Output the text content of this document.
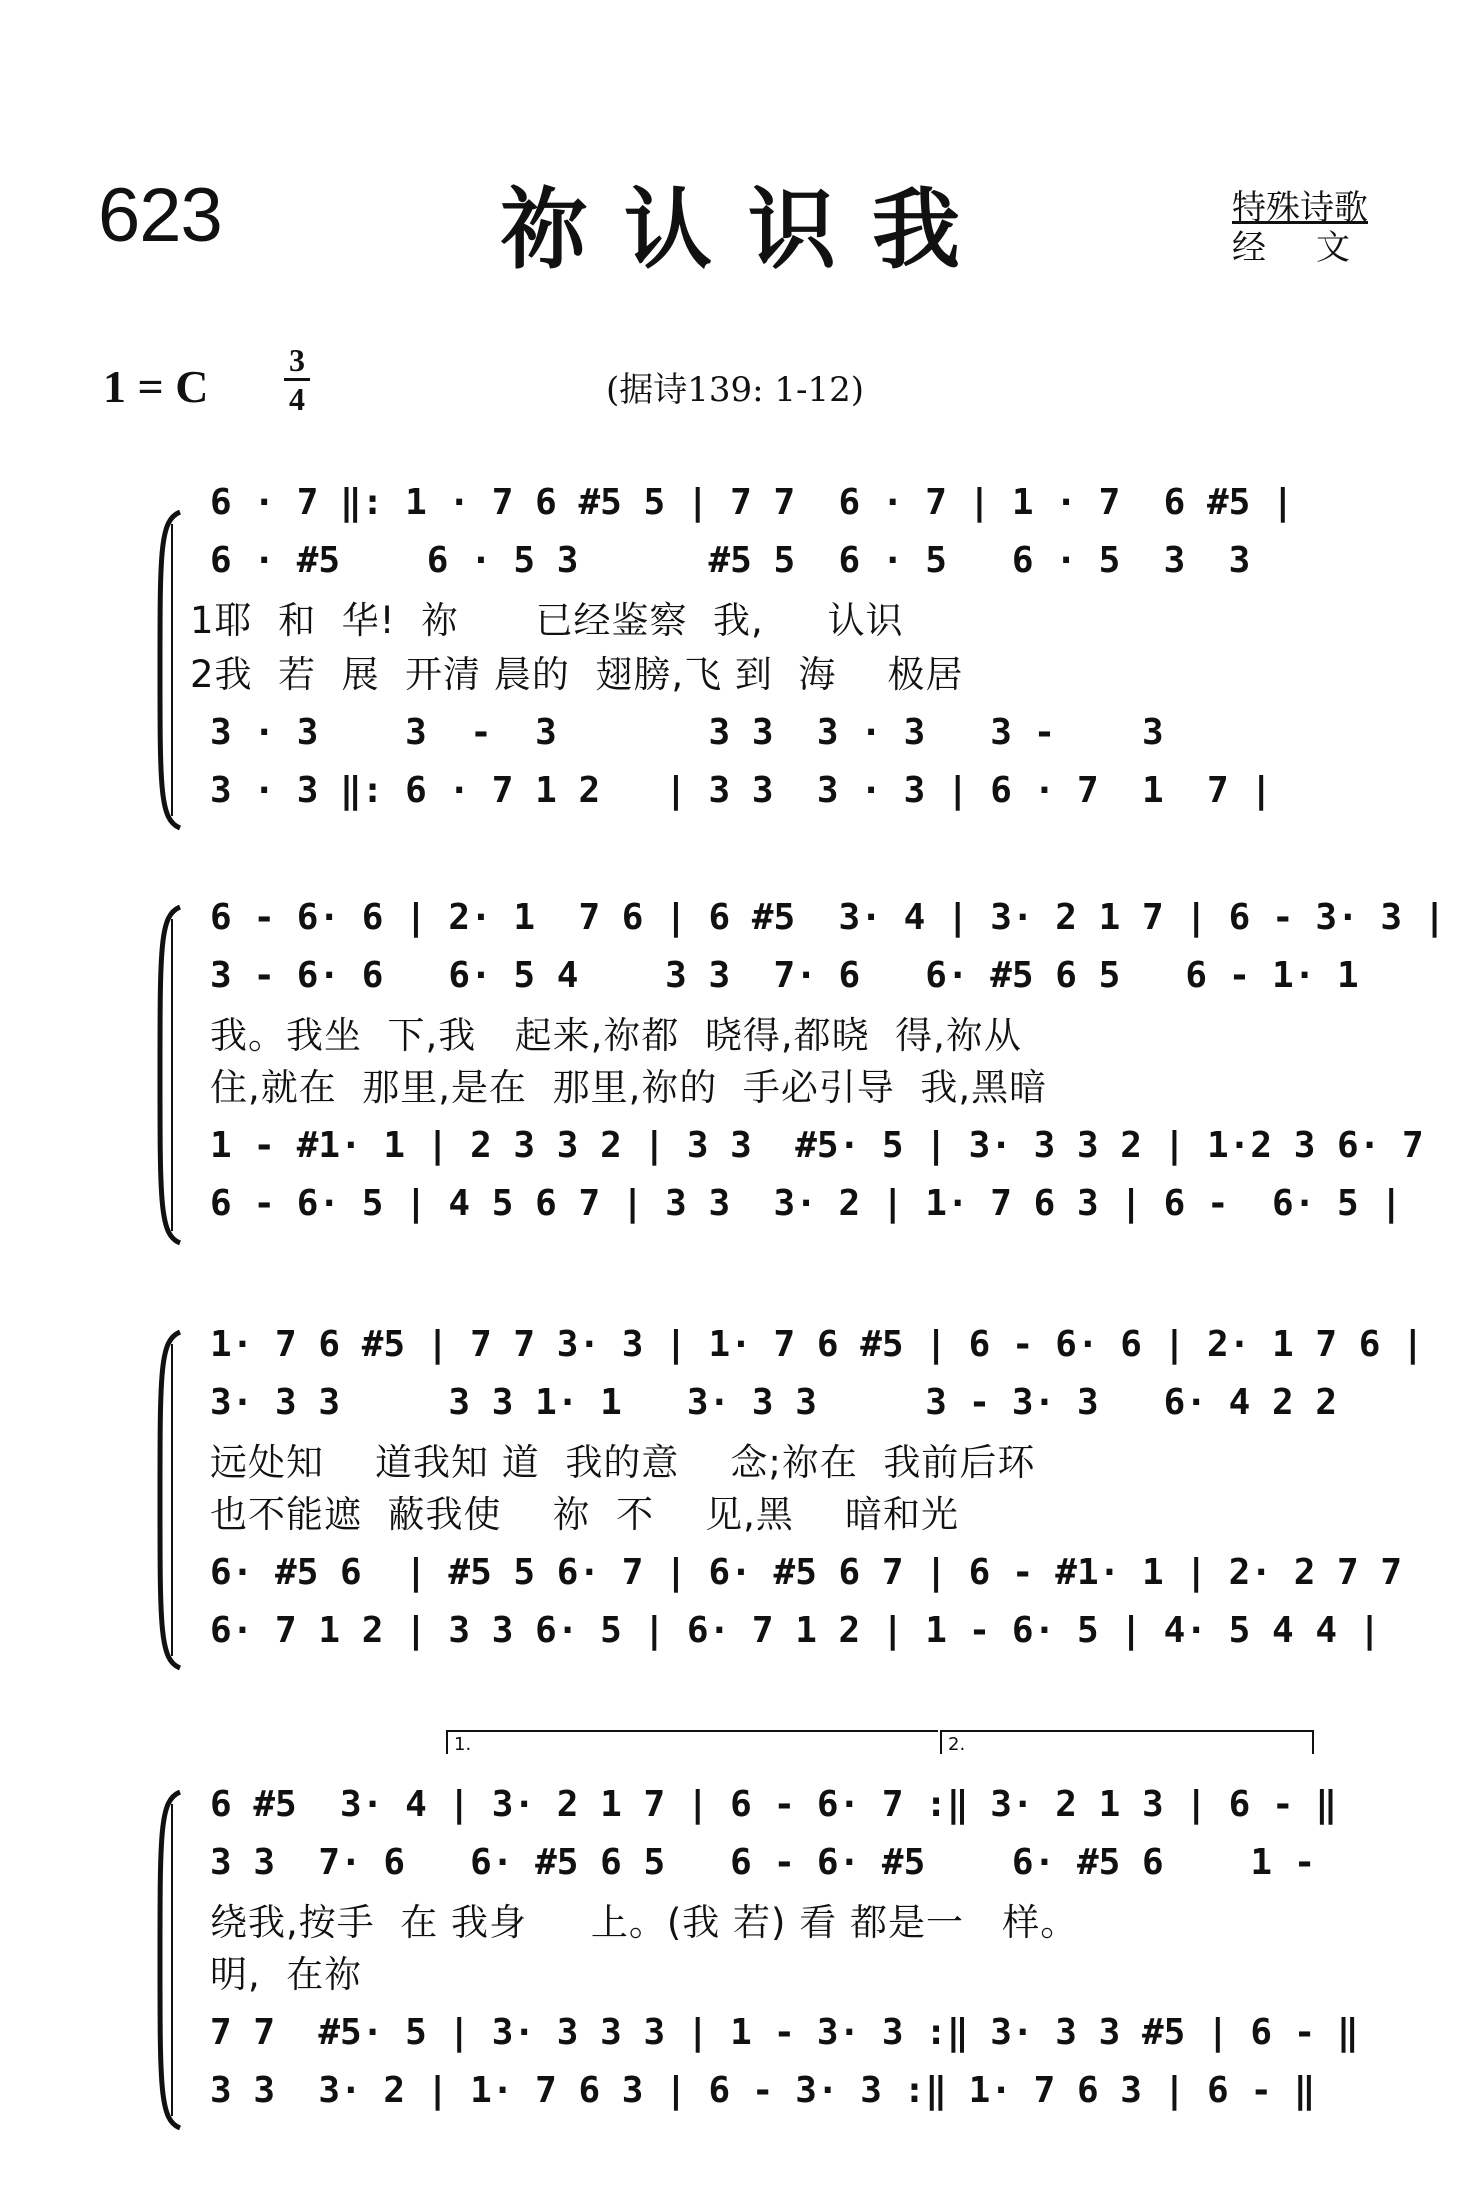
623	祢认识我	特殊诗歌
经文
1 = C
3
4	(据诗139: 1-12)
6 · 7 ‖: 1 · 7 6 #5 5 | 7 7  6 · 7 | 1 · 7  6 #5 |
6 · #5    6 · 5 3      #5 5  6 · 5   6 · 5  3  3
1耶  和  华!  祢      已经鉴察  我,     认识
2我  若  展  开清 晨的  翅膀,飞 到  海    极居
3 · 3    3  -  3       3 3  3 · 3   3 -    3
3 · 3 ‖: 6 · 7 1 2   | 3 3  3 · 3 | 6 · 7  1  7 |
6 - 6· 6 | 2· 1  7 6 | 6 #5  3· 4 | 3· 2 1 7 | 6 - 3· 3 |
3 - 6· 6   6· 5 4    3 3  7· 6   6· #5 6 5   6 - 1· 1
我。我坐  下,我   起来,祢都  晓得,都晓  得,祢从
住,就在  那里,是在  那里,祢的  手必引导  我,黑暗
1 - #1· 1 | 2 3 3 2 | 3 3  #5· 5 | 3· 3 3 2 | 1·2 3 6· 7
6 - 6· 5 | 4 5 6 7 | 3 3  3· 2 | 1· 7 6 3 | 6 -  6· 5 |
1· 7 6 #5 | 7 7 3· 3 | 1· 7 6 #5 | 6 - 6· 6 | 2· 1 7 6 |
3· 3 3     3 3 1· 1   3· 3 3     3 - 3· 3   6· 4 2 2
远处知    道我知 道  我的意    念;祢在  我前后环
也不能遮  蔽我使    祢  不    见,黑    暗和光
6· #5 6  | #5 5 6· 7 | 6· #5 6 7 | 6 - #1· 1 | 2· 2 7 7
6· 7 1 2 | 3 3 6· 5 | 6· 7 1 2 | 1 - 6· 5 | 4· 5 4 4 |
1.	2.
6 #5  3· 4 | 3· 2 1 7 | 6 - 6· 7 :‖ 3· 2 1 3 | 6 - ‖
3 3  7· 6   6· #5 6 5   6 - 6· #5    6· #5 6    1 -
绕我,按手  在 我身     上。(我 若) 看 都是一   样。
明,  在祢
7 7  #5· 5 | 3· 3 3 3 | 1 - 3· 3 :‖ 3· 3 3 #5 | 6 - ‖
3 3  3· 2 | 1· 7 6 3 | 6 - 3· 3 :‖ 1· 7 6 3 | 6 - ‖
